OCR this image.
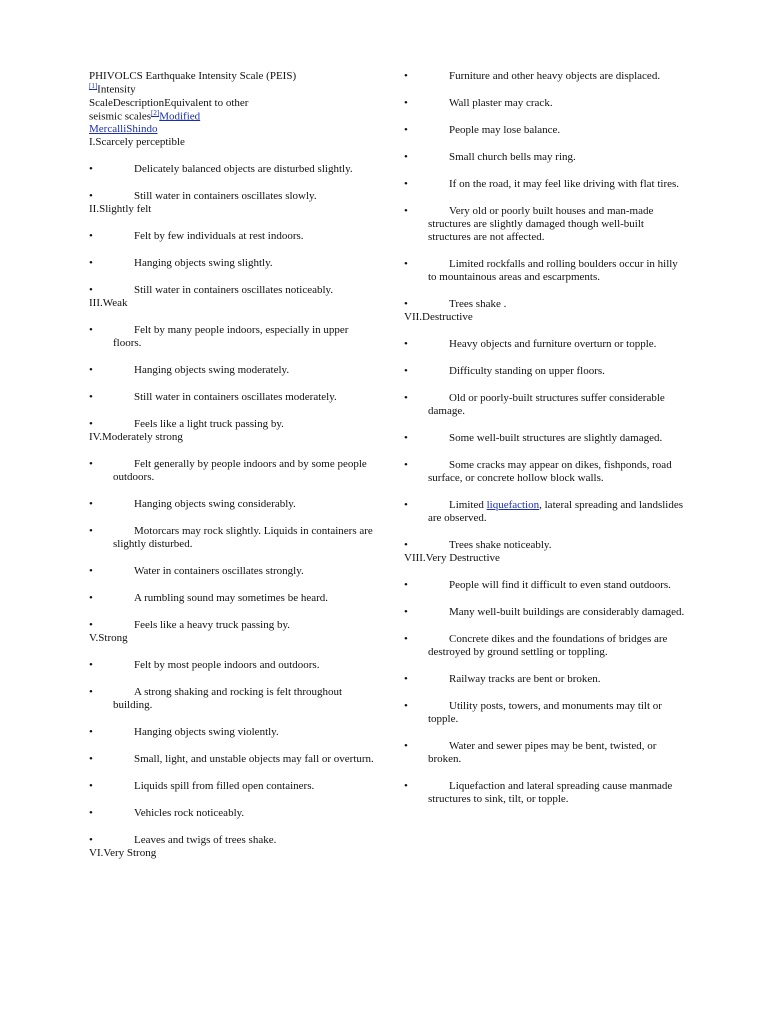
PHIVOLCS Earthquake Intensity Scale (PEIS)

[1]Intensity

ScaleDescriptionEquivalent to other

seismic scales[2]Modified

MercalliShindo

I.Scarcely perceptible

•	Delicately balanced objects are disturbed slightly.
•	Still water in containers oscillates slowly.

II.Slightly felt

•	Felt by few individuals at rest indoors.
•	Hanging objects swing slightly.
•	Still water in containers oscillates noticeably.

III.Weak

•	Felt by many people indoors, especially in upper floors.
•	Hanging objects swing moderately.
•	Still water in containers oscillates moderately.
•	Feels like a light truck passing by.

IV.Moderately strong

•	Felt generally by people indoors and by some people outdoors.
•	Hanging objects swing considerably.
•	Motorcars may rock slightly. Liquids in containers are slightly disturbed.
•	Water in containers oscillates strongly.
•	A rumbling sound may sometimes be heard.
•	Feels like a heavy truck passing by.

V.Strong

•	Felt by most people indoors and outdoors.
•	A strong shaking and rocking is felt throughout building.
•	Hanging objects swing violently.
•	Small, light, and unstable objects may fall or overturn.
•	Liquids spill from filled open containers.
•	Vehicles rock noticeably.
•	Leaves and twigs of trees shake.

VI.Very Strong

•	Furniture and other heavy objects are displaced.
•	Wall plaster may crack.
•	People may lose balance.
•	Small church bells may ring.
•	If on the road, it may feel like driving with flat tires.
•	Very old or poorly built houses and man-made structures are slightly damaged though well-built structures are not affected.
•	Limited rockfalls and rolling boulders occur in hilly to mountainous areas and escarpments.
•	Trees shake .

VII.Destructive

•	Heavy objects and furniture overturn or topple.
•	Difficulty standing on upper floors.
•	Old or poorly-built structures suffer considerable damage.
•	Some well-built structures are slightly damaged.
•	Some cracks may appear on dikes, fishponds, road surface, or concrete hollow block walls.
•	Limited liquefaction, lateral spreading and landslides are observed.
•	Trees shake noticeably.

VIII.Very Destructive

•	People will find it difficult to even stand outdoors.
•	Many well-built buildings are considerably damaged.
•	Concrete dikes and the foundations of bridges are destroyed by ground settling or toppling.
•	Railway tracks are bent or broken.
•	Utility posts, towers, and monuments may tilt or topple.
•	Water and sewer pipes may be bent, twisted, or broken.
•	Liquefaction and lateral spreading cause manmade structures to sink, tilt, or topple.
